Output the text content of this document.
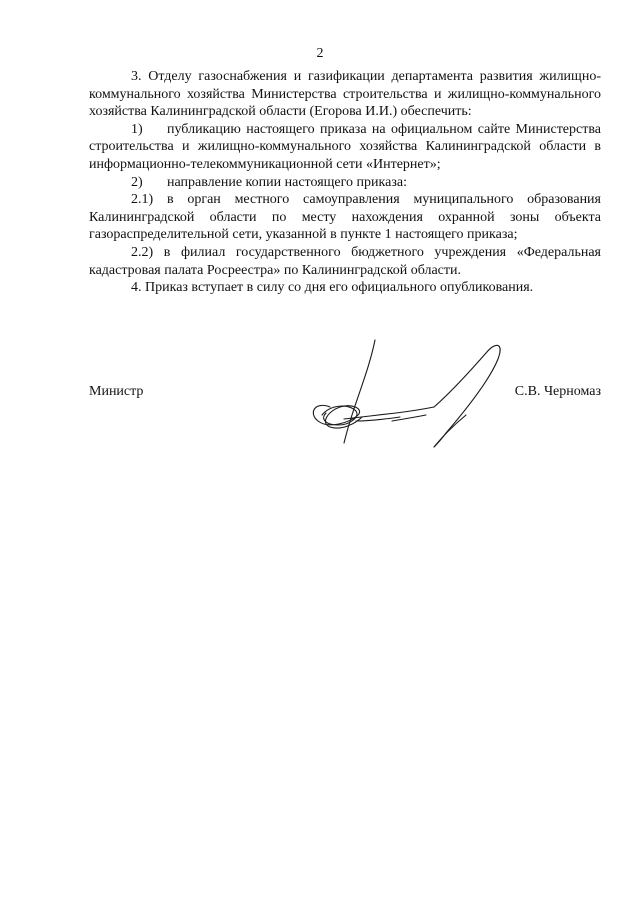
2

3. Отделу газоснабжения и газификации департамента развития жилищно-коммунального хозяйства Министерства строительства и жилищно-коммунального хозяйства Калининградской области (Егорова И.И.) обеспечить:

1) публикацию настоящего приказа на официальном сайте Министерства строительства и жилищно-коммунального хозяйства Калининградской области в информационно-телекоммуникационной сети «Интернет»;

2) направление копии настоящего приказа:

2.1) в орган местного самоуправления муниципального образования Калининградской области по месту нахождения охранной зоны объекта газораспределительной сети, указанной в пункте 1 настоящего приказа;

2.2) в филиал государственного бюджетного учреждения «Федеральная кадастровая палата Росреестра» по Калининградской области.

4. Приказ вступает в силу со дня его официального опубликования.

Министр	С.В. Черномаз
